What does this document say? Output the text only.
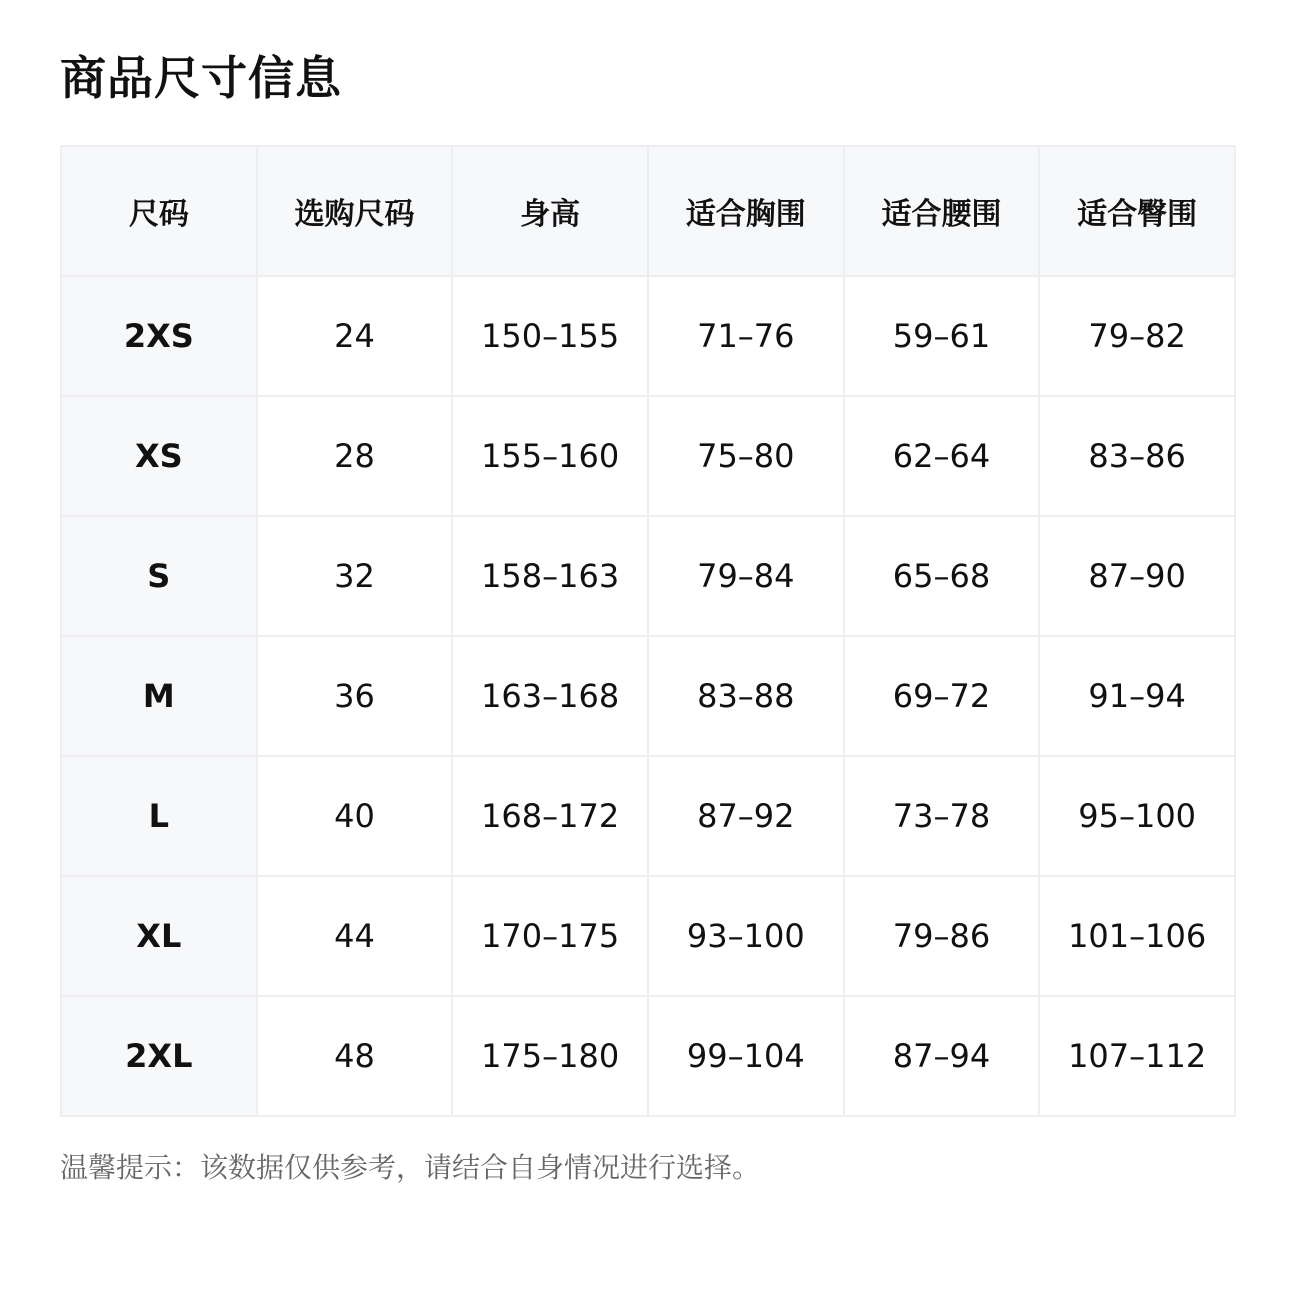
商品尺寸信息
尺码	选购尺码	身高	适合胸围	适合腰围	适合臀围
2XS	24	150–155	71–76	59–61	79–82
XS	28	155–160	75–80	62–64	83–86
S	32	158–163	79–84	65–68	87–90
M	36	163–168	83–88	69–72	91–94
L	40	168–172	87–92	73–78	95–100
XL	44	170–175	93–100	79–86	101–106
2XL	48	175–180	99–104	87–94	107–112

温馨提示：该数据仅供参考，请结合自身情况进行选择。
